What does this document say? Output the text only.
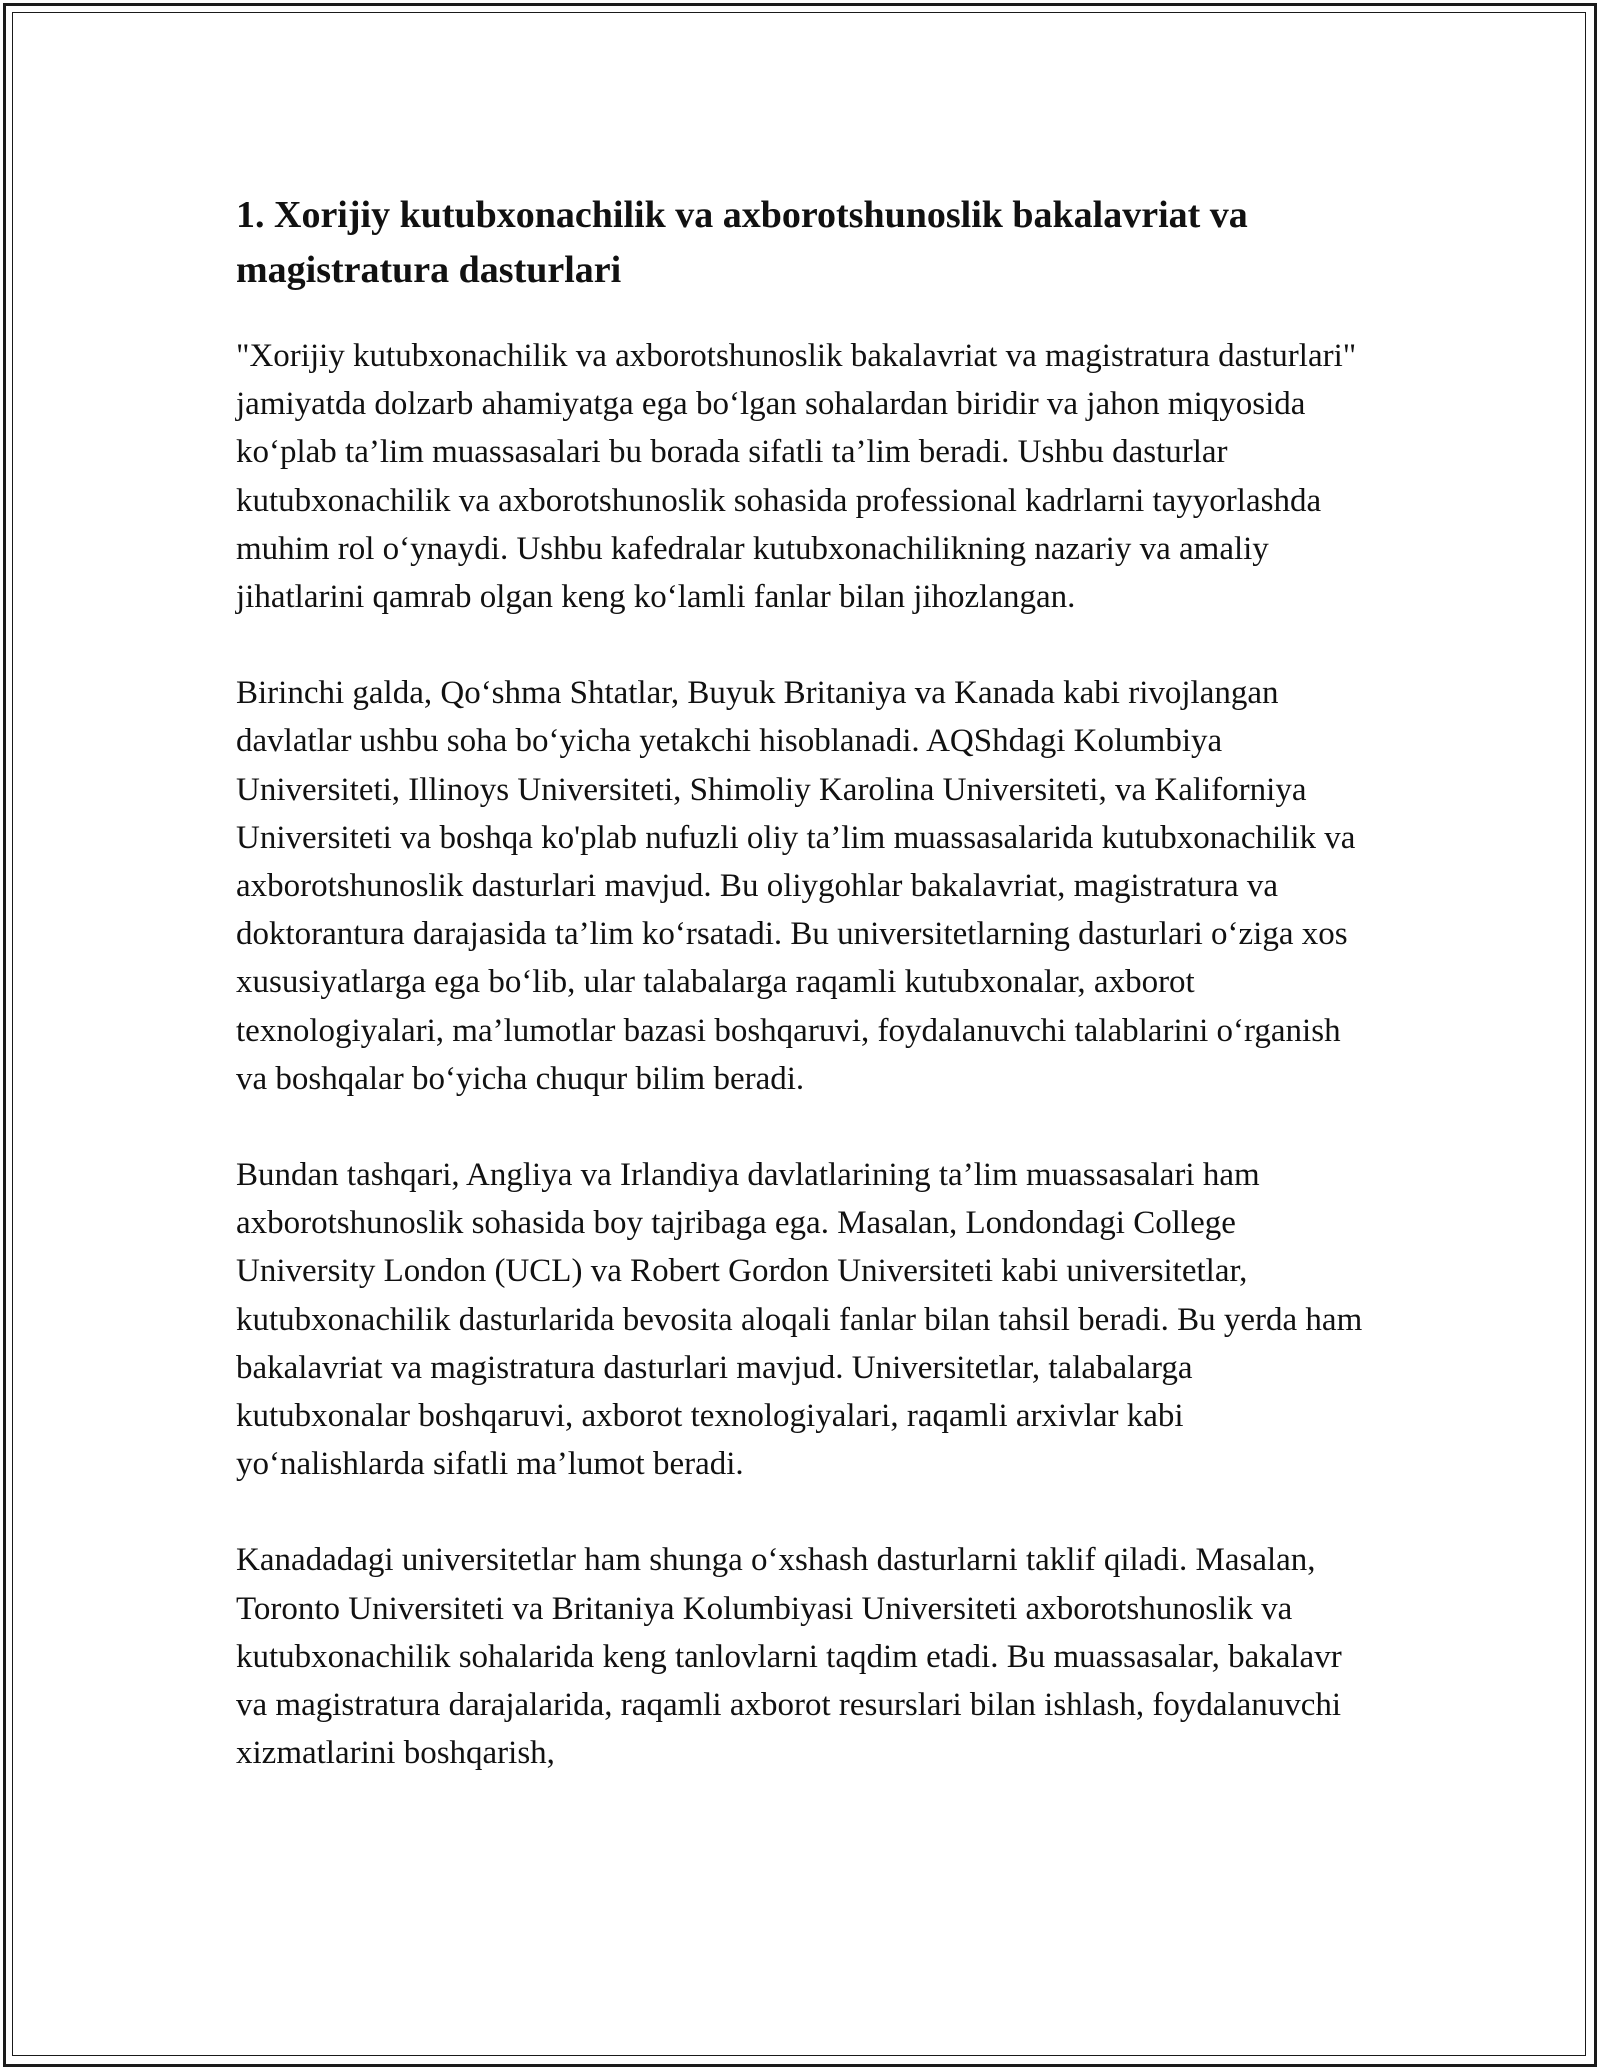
1. Xorijiy kutubxonachilik va axborotshunoslik bakalavriat va magistratura dasturlari

"Xorijiy kutubxonachilik va axborotshunoslik bakalavriat va magistratura dasturlari" jamiyatda dolzarb ahamiyatga ega bo‘lgan sohalardan biridir va jahon miqyosida ko‘plab ta’lim muassasalari bu borada sifatli ta’lim beradi. Ushbu dasturlar kutubxonachilik va axborotshunoslik sohasida professional kadrlarni tayyorlashda muhim rol o‘ynaydi. Ushbu kafedralar kutubxonachilikning nazariy va amaliy jihatlarini qamrab olgan keng ko‘lamli fanlar bilan jihozlangan.

Birinchi galda, Qo‘shma Shtatlar, Buyuk Britaniya va Kanada kabi rivojlangan davlatlar ushbu soha bo‘yicha yetakchi hisoblanadi. AQShdagi Kolumbiya Universiteti, Illinoys Universiteti, Shimoliy Karolina Universiteti, va Kaliforniya Universiteti va boshqa ko'plab nufuzli oliy ta’lim muassasalarida kutubxonachilik va axborotshunoslik dasturlari mavjud. Bu oliygohlar bakalavriat, magistratura va doktorantura darajasida ta’lim ko‘rsatadi. Bu universitetlarning dasturlari o‘ziga xos xususiyatlarga ega bo‘lib, ular talabalarga raqamli kutubxonalar, axborot texnologiyalari, ma’lumotlar bazasi boshqaruvi, foydalanuvchi talablarini o‘rganish va boshqalar bo‘yicha chuqur bilim beradi.

Bundan tashqari, Angliya va Irlandiya davlatlarining ta’lim muassasalari ham axborotshunoslik sohasida boy tajribaga ega. Masalan, Londondagi College University London (UCL) va Robert Gordon Universiteti kabi universitetlar, kutubxonachilik dasturlarida bevosita aloqali fanlar bilan tahsil beradi. Bu yerda ham bakalavriat va magistratura dasturlari mavjud. Universitetlar, talabalarga kutubxonalar boshqaruvi, axborot texnologiyalari, raqamli arxivlar kabi yo‘nalishlarda sifatli ma’lumot beradi.

Kanadadagi universitetlar ham shunga o‘xshash dasturlarni taklif qiladi. Masalan, Toronto Universiteti va Britaniya Kolumbiyasi Universiteti axborotshunoslik va kutubxonachilik sohalarida keng tanlovlarni taqdim etadi. Bu muassasalar, bakalavr va magistratura darajalarida, raqamli axborot resurslari bilan ishlash, foydalanuvchi xizmatlarini boshqarish,
